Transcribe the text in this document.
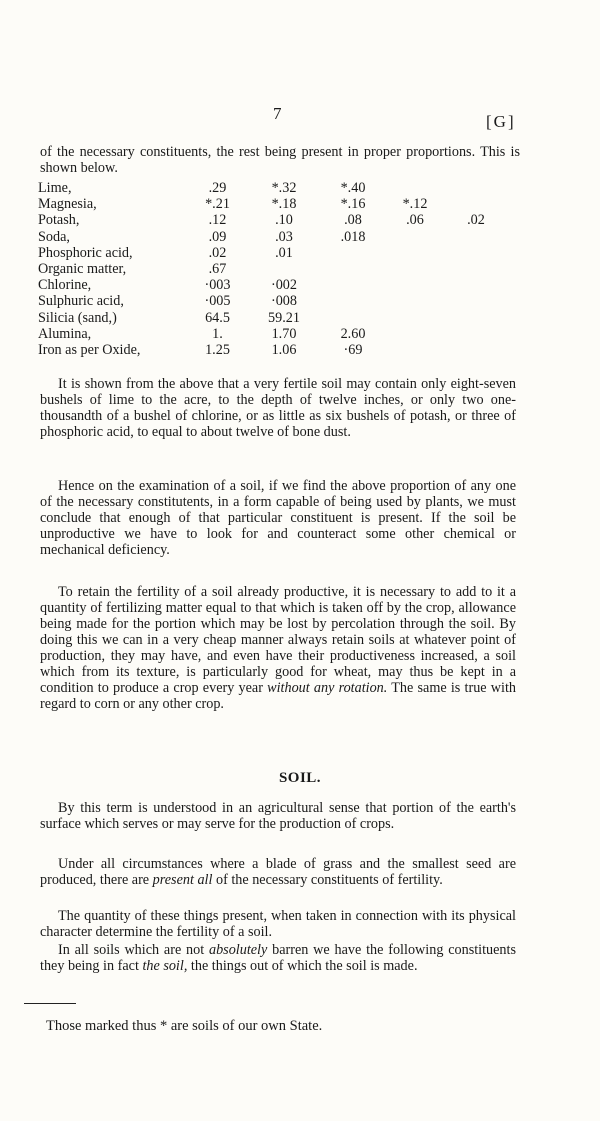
7	[G]

of the necessary constituents, the rest being present in proper proportions. This is shown below.

Lime,	.29	*.32	*.40		
Magnesia,	*.21	*.18	*.16	*.12	
Potash,	.12	.10	.08	.06	.02
Soda,	.09	.03	.018		
Phosphoric acid,	.02	.01			
Organic matter,	.67				
Chlorine,	·003	·002			
Sulphuric acid,	·005	·008			
Silicia (sand,)	64.5	59.21			
Alumina,	1.	1.70	2.60		
Iron as per Oxide,	1.25	1.06	·69		

It is shown from the above that a very fertile soil may contain only eight-seven bushels of lime to the acre, to the depth of twelve inches, or only two one-thousandth of a bushel of chlorine, or as little as six bushels of potash, or three of phosphoric acid, to equal to about twelve of bone dust.

Hence on the examination of a soil, if we find the above proportion of any one of the necessary constitutents, in a form capable of being used by plants, we must conclude that enough of that particular constituent is present. If the soil be unproductive we have to look for and counteract some other chemical or mechanical deficiency.

To retain the fertility of a soil already productive, it is necessary to add to it a quantity of fertilizing matter equal to that which is taken off by the crop, allowance being made for the portion which may be lost by percolation through the soil. By doing this we can in a very cheap manner always retain soils at whatever point of production, they may have, and even have their productiveness increased, a soil which from its texture, is particularly good for wheat, may thus be kept in a condition to produce a crop every year without any rotation. The same is true with regard to corn or any other crop.

SOIL.

By this term is understood in an agricultural sense that portion of the earth's surface which serves or may serve for the production of crops.

Under all circumstances where a blade of grass and the smallest seed are produced, there are present all of the necessary constituents of fertility.

The quantity of these things present, when taken in connection with its physical character determine the fertility of a soil.

In all soils which are not absolutely barren we have the following constituents they being in fact the soil, the things out of which the soil is made.

Those marked thus * are soils of our own State.
